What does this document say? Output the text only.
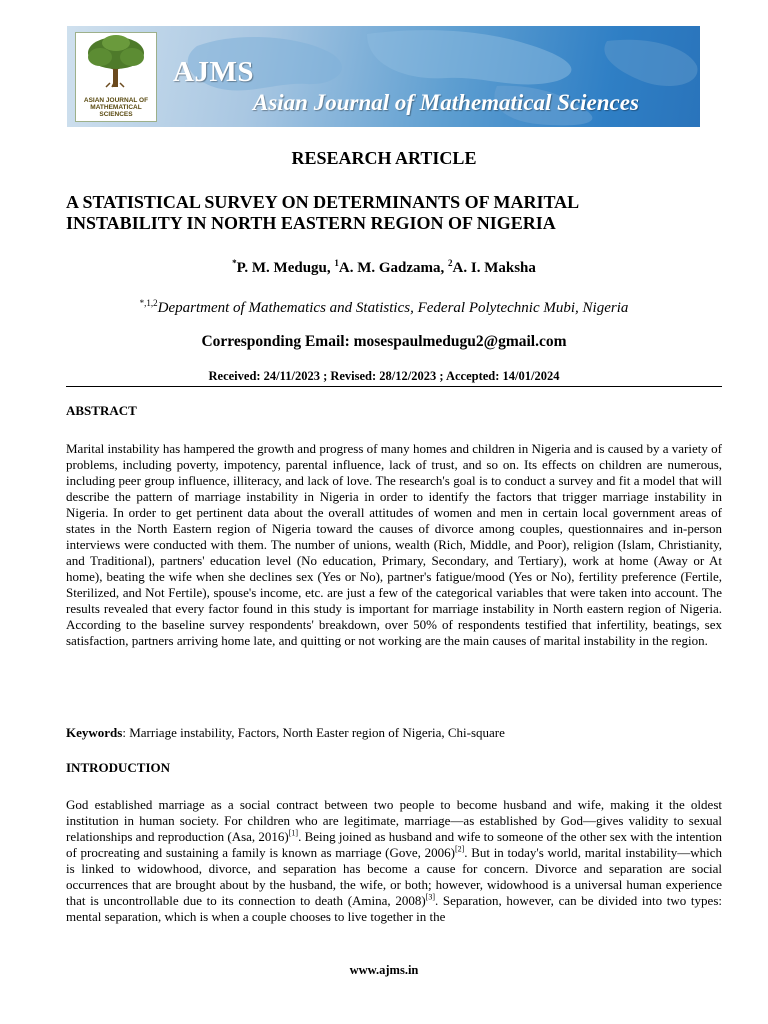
ASIAN JOURNAL OF
MATHEMATICAL
SCIENCES
AJMS
Asian Journal of Mathematical Sciences
RESEARCH ARTICLE
A STATISTICAL SURVEY ON DETERMINANTS OF MARITAL
INSTABILITY IN NORTH EASTERN REGION OF NIGERIA
*P. M. Medugu, $^1$A. M. Gadzama, $^2$A. I. Maksha
$^{*,1,2}$Department of Mathematics and Statistics, Federal Polytechnic Mubi, Nigeria
Corresponding Email: mosespaulmedugu2@gmail.com
Received: 24/11/2023 ; Revised: 28/12/2023 ; Accepted: 14/01/2024
ABSTRACT
Marital instability has hampered the growth and progress of many homes and children in Nigeria and is caused by a variety of problems, including poverty, impotency, parental influence, lack of trust, and so on. Its effects on children are numerous, including peer group influence, illiteracy, and lack of love. The research's goal is to conduct a survey and fit a model that will describe the pattern of marriage instability in Nigeria in order to identify the factors that trigger marriage instability in Nigeria. In order to get pertinent data about the overall attitudes of women and men in certain local government areas of states in the North Eastern region of Nigeria toward the causes of divorce among couples, questionnaires and in-person interviews were conducted with them. The number of unions, wealth (Rich, Middle, and Poor), religion (Islam, Christianity, and Traditional), partners' education level (No education, Primary, Secondary, and Tertiary), work at home (Away or At home), beating the wife when she declines sex (Yes or No), partner's fatigue/mood (Yes or No), fertility preference (Fertile, Sterilized, and Not Fertile), spouse's income, etc. are just a few of the categorical variables that were taken into account. The results revealed that every factor found in this study is important for marriage instability in North eastern region of Nigeria. According to the baseline survey respondents' breakdown, over 50% of respondents testified that infertility, beatings, sex satisfaction, partners arriving home late, and quitting or not working are the main causes of marital instability in the region.
Keywords: Marriage instability, Factors, North Easter region of Nigeria, Chi-square
INTRODUCTION
God established marriage as a social contract between two people to become husband and wife, making it the oldest institution in human society. For children who are legitimate, marriage—as established by God—gives validity to sexual relationships and reproduction (Asa, 2016)[1]. Being joined as husband and wife to someone of the other sex with the intention of procreating and sustaining a family is known as marriage (Gove, 2006)[2]. But in today's world, marital instability—which is linked to widowhood, divorce, and separation has become a cause for concern. Divorce and separation are social occurrences that are brought about by the husband, the wife, or both; however, widowhood is a universal human experience that is uncontrollable due to its connection to death (Amina, 2008)[3]. Separation, however, can be divided into two types: mental separation, which is when a couple chooses to live together in the
www.ajms.in
